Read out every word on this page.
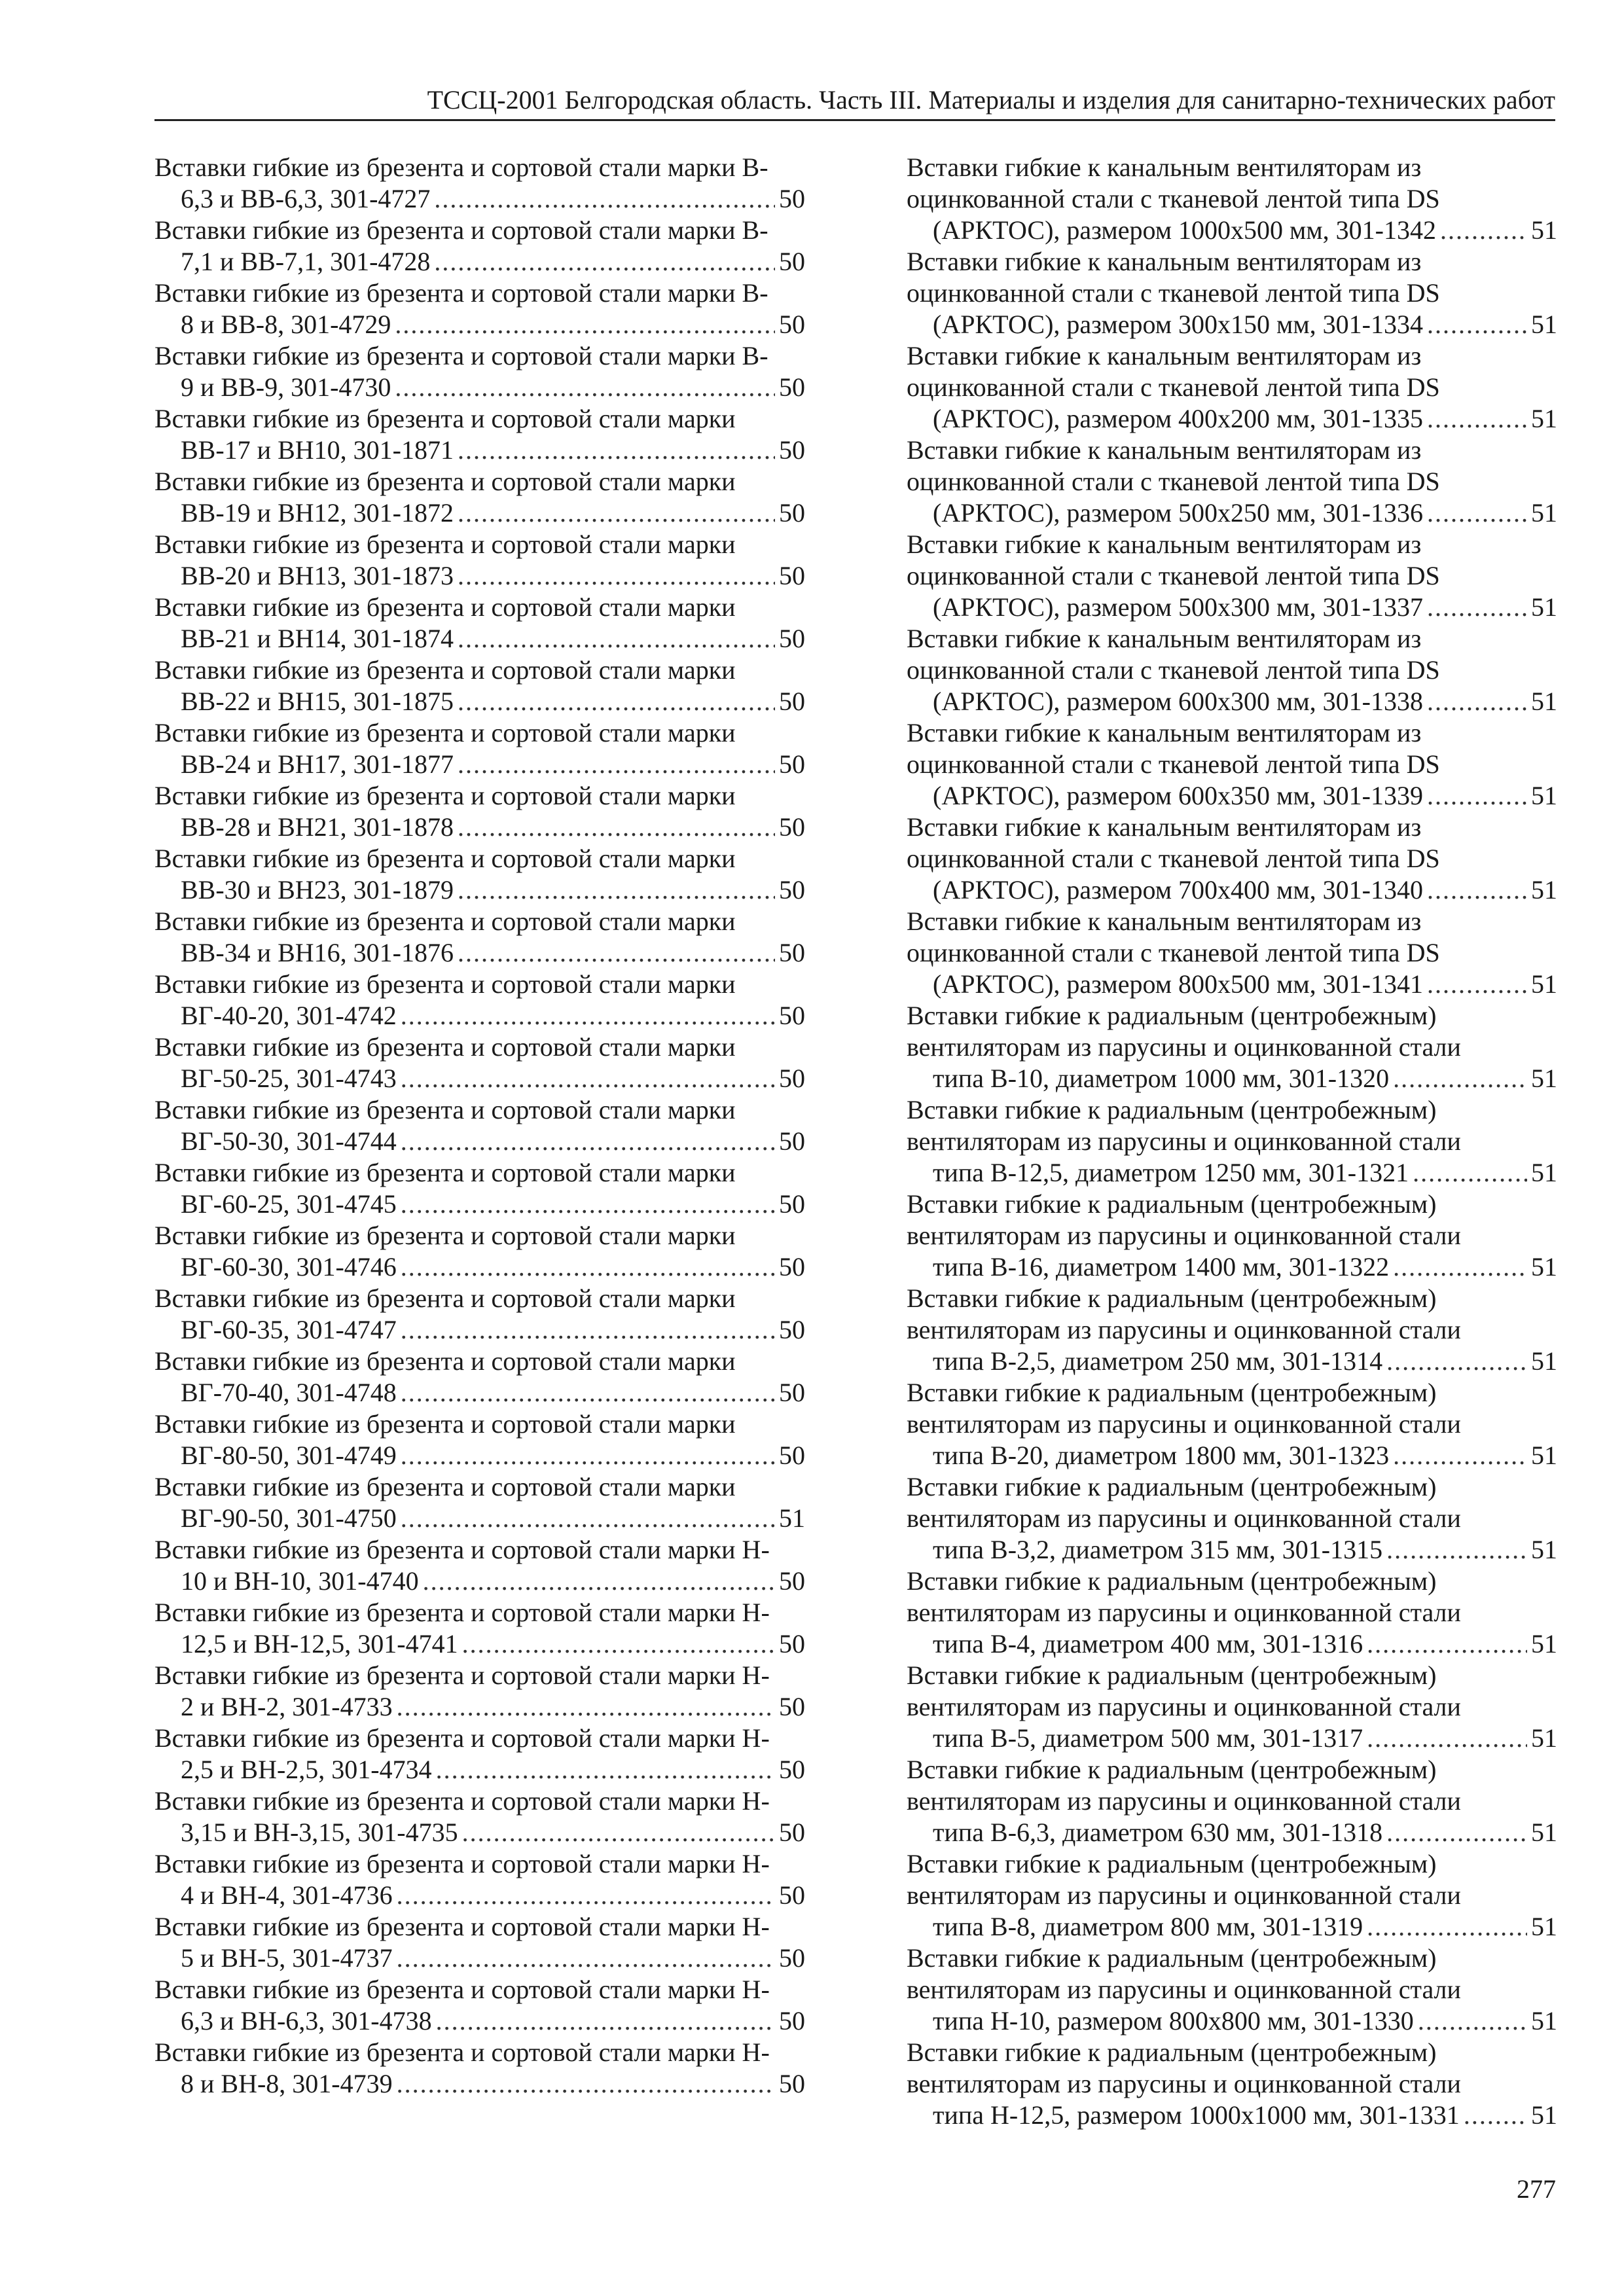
ТССЦ-2001 Белгородская область. Часть III. Материалы и изделия для санитарно-технических работ
Вставки гибкие из брезента и сортовой стали марки В-
6,3 и ВВ-6,3, 301-4727 .....	50
Вставки гибкие из брезента и сортовой стали марки В-
7,1 и ВВ-7,1, 301-4728 .....	50
Вставки гибкие из брезента и сортовой стали марки В-
8 и ВВ-8, 301-4729 .....	50
Вставки гибкие из брезента и сортовой стали марки В-
9 и ВВ-9, 301-4730 .....	50
Вставки гибкие из брезента и сортовой стали марки
ВВ-17 и ВН10, 301-1871 .....	50
Вставки гибкие из брезента и сортовой стали марки
ВВ-19 и ВН12, 301-1872 .....	50
Вставки гибкие из брезента и сортовой стали марки
ВВ-20 и ВН13, 301-1873 .....	50
Вставки гибкие из брезента и сортовой стали марки
ВВ-21 и ВН14, 301-1874 .....	50
Вставки гибкие из брезента и сортовой стали марки
ВВ-22 и ВН15, 301-1875 .....	50
Вставки гибкие из брезента и сортовой стали марки
ВВ-24 и ВН17, 301-1877 .....	50
Вставки гибкие из брезента и сортовой стали марки
ВВ-28 и ВН21, 301-1878 .....	50
Вставки гибкие из брезента и сортовой стали марки
ВВ-30 и ВН23, 301-1879 .....	50
Вставки гибкие из брезента и сортовой стали марки
ВВ-34 и ВН16, 301-1876 .....	50
Вставки гибкие из брезента и сортовой стали марки
ВГ-40-20, 301-4742 .....	50
Вставки гибкие из брезента и сортовой стали марки
ВГ-50-25, 301-4743 .....	50
Вставки гибкие из брезента и сортовой стали марки
ВГ-50-30, 301-4744 .....	50
Вставки гибкие из брезента и сортовой стали марки
ВГ-60-25, 301-4745 .....	50
Вставки гибкие из брезента и сортовой стали марки
ВГ-60-30, 301-4746 .....	50
Вставки гибкие из брезента и сортовой стали марки
ВГ-60-35, 301-4747 .....	50
Вставки гибкие из брезента и сортовой стали марки
ВГ-70-40, 301-4748 .....	50
Вставки гибкие из брезента и сортовой стали марки
ВГ-80-50, 301-4749 .....	50
Вставки гибкие из брезента и сортовой стали марки
ВГ-90-50, 301-4750 .....	51
Вставки гибкие из брезента и сортовой стали марки Н-
10 и ВН-10, 301-4740 .....	50
Вставки гибкие из брезента и сортовой стали марки Н-
12,5 и ВН-12,5, 301-4741 .....	50
Вставки гибкие из брезента и сортовой стали марки Н-
2 и ВН-2, 301-4733 .....	50
Вставки гибкие из брезента и сортовой стали марки Н-
2,5 и ВН-2,5, 301-4734 .....	50
Вставки гибкие из брезента и сортовой стали марки Н-
3,15 и ВН-3,15, 301-4735 .....	50
Вставки гибкие из брезента и сортовой стали марки Н-
4 и ВН-4, 301-4736 .....	50
Вставки гибкие из брезента и сортовой стали марки Н-
5 и ВН-5, 301-4737 .....	50
Вставки гибкие из брезента и сортовой стали марки Н-
6,3 и ВН-6,3, 301-4738 .....	50
Вставки гибкие из брезента и сортовой стали марки Н-
8 и ВН-8, 301-4739 .....	50
Вставки гибкие к канальным вентиляторам из
оцинкованной стали с тканевой лентой типа DS
(АРКТОС), размером 1000х500 мм, 301-1342 .....	51
Вставки гибкие к канальным вентиляторам из
оцинкованной стали с тканевой лентой типа DS
(АРКТОС), размером 300х150 мм, 301-1334 .....	51
Вставки гибкие к канальным вентиляторам из
оцинкованной стали с тканевой лентой типа DS
(АРКТОС), размером 400х200 мм, 301-1335 .....	51
Вставки гибкие к канальным вентиляторам из
оцинкованной стали с тканевой лентой типа DS
(АРКТОС), размером 500х250 мм, 301-1336 .....	51
Вставки гибкие к канальным вентиляторам из
оцинкованной стали с тканевой лентой типа DS
(АРКТОС), размером 500х300 мм, 301-1337 .....	51
Вставки гибкие к канальным вентиляторам из
оцинкованной стали с тканевой лентой типа DS
(АРКТОС), размером 600х300 мм, 301-1338 .....	51
Вставки гибкие к канальным вентиляторам из
оцинкованной стали с тканевой лентой типа DS
(АРКТОС), размером 600х350 мм, 301-1339 .....	51
Вставки гибкие к канальным вентиляторам из
оцинкованной стали с тканевой лентой типа DS
(АРКТОС), размером 700х400 мм, 301-1340 .....	51
Вставки гибкие к канальным вентиляторам из
оцинкованной стали с тканевой лентой типа DS
(АРКТОС), размером 800х500 мм, 301-1341 .....	51
Вставки гибкие к радиальным (центробежным)
вентиляторам из парусины и оцинкованной стали
типа В-10, диаметром 1000 мм, 301-1320 .....	51
Вставки гибкие к радиальным (центробежным)
вентиляторам из парусины и оцинкованной стали
типа В-12,5, диаметром 1250 мм, 301-1321 .....	51
Вставки гибкие к радиальным (центробежным)
вентиляторам из парусины и оцинкованной стали
типа В-16, диаметром 1400 мм, 301-1322 .....	51
Вставки гибкие к радиальным (центробежным)
вентиляторам из парусины и оцинкованной стали
типа В-2,5, диаметром 250 мм, 301-1314 .....	51
Вставки гибкие к радиальным (центробежным)
вентиляторам из парусины и оцинкованной стали
типа В-20, диаметром 1800 мм, 301-1323 .....	51
Вставки гибкие к радиальным (центробежным)
вентиляторам из парусины и оцинкованной стали
типа В-3,2, диаметром 315 мм, 301-1315 .....	51
Вставки гибкие к радиальным (центробежным)
вентиляторам из парусины и оцинкованной стали
типа В-4, диаметром 400 мм, 301-1316 .....	51
Вставки гибкие к радиальным (центробежным)
вентиляторам из парусины и оцинкованной стали
типа В-5, диаметром 500 мм, 301-1317 .....	51
Вставки гибкие к радиальным (центробежным)
вентиляторам из парусины и оцинкованной стали
типа В-6,3, диаметром 630 мм, 301-1318 .....	51
Вставки гибкие к радиальным (центробежным)
вентиляторам из парусины и оцинкованной стали
типа В-8, диаметром 800 мм, 301-1319 .....	51
Вставки гибкие к радиальным (центробежным)
вентиляторам из парусины и оцинкованной стали
типа Н-10, размером 800х800 мм, 301-1330 .....	51
Вставки гибкие к радиальным (центробежным)
вентиляторам из парусины и оцинкованной стали
типа Н-12,5, размером 1000х1000 мм, 301-1331 .....	51
277
